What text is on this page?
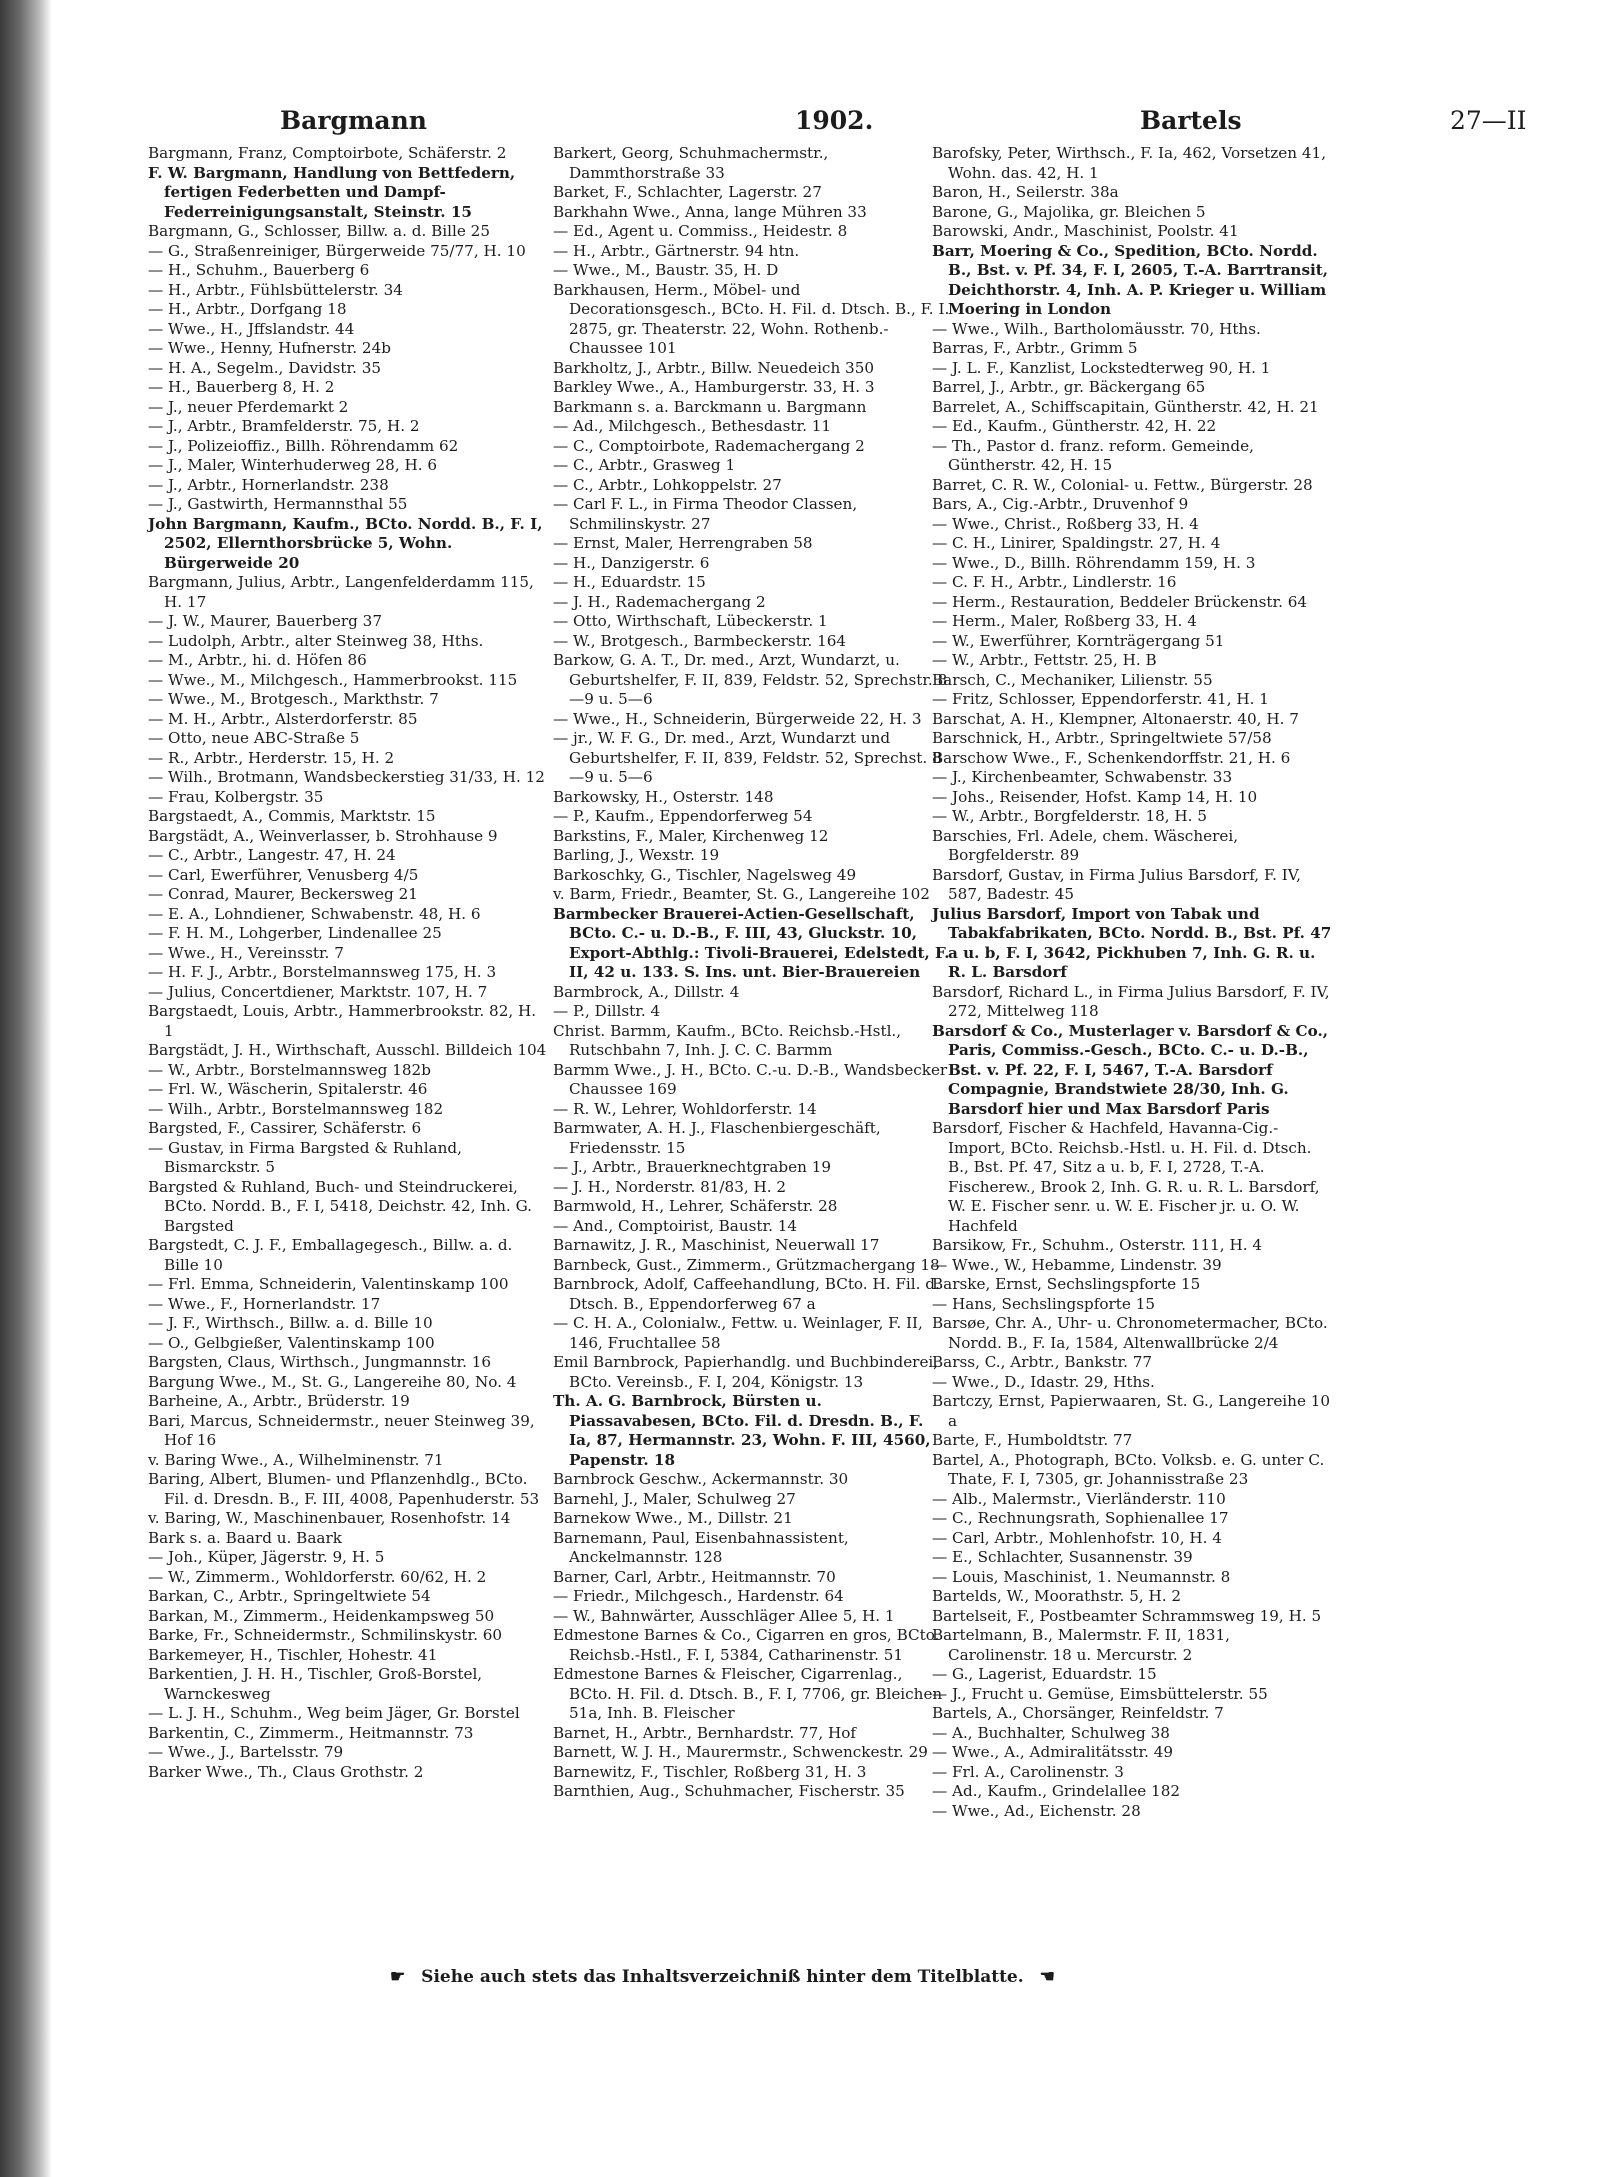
Bargmann	1902.	Bartels	27—II

Bargmann, Franz, Comptoirbote, Schäferstr. 2

F. W. Bargmann, Handlung von Bettfedern, fertigen Federbetten und Dampf-Federreinigungsanstalt, Steinstr. 15

Bargmann, G., Schlosser, Billw. a. d. Bille 25

— G., Straßenreiniger, Bürgerweide 75/77, H. 10

— H., Schuhm., Bauerberg 6

— H., Arbtr., Fühlsbüttelerstr. 34

— H., Arbtr., Dorfgang 18

— Wwe., H., Jffslandstr. 44

— Wwe., Henny, Hufnerstr. 24b

— H. A., Segelm., Davidstr. 35

— H., Bauerberg 8, H. 2

— J., neuer Pferdemarkt 2

— J., Arbtr., Bramfelderstr. 75, H. 2

— J., Polizeioffiz., Billh. Röhrendamm 62

— J., Maler, Winterhuderweg 28, H. 6

— J., Arbtr., Hornerlandstr. 238

— J., Gastwirth, Hermannsthal 55

John Bargmann, Kaufm., BCto. Nordd. B., F. I, 2502, Ellernthorsbrücke 5, Wohn. Bürgerweide 20

Bargmann, Julius, Arbtr., Langenfelderdamm 115, H. 17

— J. W., Maurer, Bauerberg 37

— Ludolph, Arbtr., alter Steinweg 38, Hths.

— M., Arbtr., hi. d. Höfen 86

— Wwe., M., Milchgesch., Hammerbrookst. 115

— Wwe., M., Brotgesch., Markthstr. 7

— M. H., Arbtr., Alsterdorferstr. 85

— Otto, neue ABC-Straße 5

— R., Arbtr., Herderstr. 15, H. 2

— Wilh., Brotmann, Wandsbeckerstieg 31/33, H. 12

— Frau, Kolbergstr. 35

Bargstaedt, A., Commis, Marktstr. 15

Bargstädt, A., Weinverlasser, b. Strohhause 9

— C., Arbtr., Langestr. 47, H. 24

— Carl, Ewerführer, Venusberg 4/5

— Conrad, Maurer, Beckersweg 21

— E. A., Lohndiener, Schwabenstr. 48, H. 6

— F. H. M., Lohgerber, Lindenallee 25

— Wwe., H., Vereinsstr. 7

— H. F. J., Arbtr., Borstelmannsweg 175, H. 3

— Julius, Concertdiener, Marktstr. 107, H. 7

Bargstaedt, Louis, Arbtr., Hammerbrookstr. 82, H. 1

Bargstädt, J. H., Wirthschaft, Ausschl. Billdeich 104

— W., Arbtr., Borstelmannsweg 182b

— Frl. W., Wäscherin, Spitalerstr. 46

— Wilh., Arbtr., Borstelmannsweg 182

Bargsted, F., Cassirer, Schäferstr. 6

— Gustav, in Firma Bargsted & Ruhland, Bismarckstr. 5

Bargsted & Ruhland, Buch- und Steindruckerei, BCto. Nordd. B., F. I, 5418, Deichstr. 42, Inh. G. Bargsted

Bargstedt, C. J. F., Emballagegesch., Billw. a. d. Bille 10

— Frl. Emma, Schneiderin, Valentinskamp 100

— Wwe., F., Hornerlandstr. 17

— J. F., Wirthsch., Billw. a. d. Bille 10

— O., Gelbgießer, Valentinskamp 100

Bargsten, Claus, Wirthsch., Jungmannstr. 16

Bargung Wwe., M., St. G., Langereihe 80, No. 4

Barheine, A., Arbtr., Brüderstr. 19

Bari, Marcus, Schneidermstr., neuer Steinweg 39, Hof 16

v. Baring Wwe., A., Wilhelminenstr. 71

Baring, Albert, Blumen- und Pflanzenhdlg., BCto. Fil. d. Dresdn. B., F. III, 4008, Papenhuderstr. 53

v. Baring, W., Maschinenbauer, Rosenhofstr. 14

Bark s. a. Baard u. Baark

— Joh., Küper, Jägerstr. 9, H. 5

— W., Zimmerm., Wohldorferstr. 60/62, H. 2

Barkan, C., Arbtr., Springeltwiete 54

Barkan, M., Zimmerm., Heidenkampsweg 50

Barke, Fr., Schneidermstr., Schmilinskystr. 60

Barkemeyer, H., Tischler, Hohestr. 41

Barkentien, J. H. H., Tischler, Groß-Borstel, Warnckesweg

— L. J. H., Schuhm., Weg beim Jäger, Gr. Borstel

Barkentin, C., Zimmerm., Heitmannstr. 73

— Wwe., J., Bartelsstr. 79

Barker Wwe., Th., Claus Grothstr. 2

Barkert, Georg, Schuhmachermstr., Dammthorstraße 33

Barket, F., Schlachter, Lagerstr. 27

Barkhahn Wwe., Anna, lange Mühren 33

— Ed., Agent u. Commiss., Heidestr. 8

— H., Arbtr., Gärtnerstr. 94 htn.

— Wwe., M., Baustr. 35, H. D

Barkhausen, Herm., Möbel- und Decorationsgesch., BCto. H. Fil. d. Dtsch. B., F. I. 2875, gr. Theaterstr. 22, Wohn. Rothenb.-Chaussee 101

Barkholtz, J., Arbtr., Billw. Neuedeich 350

Barkley Wwe., A., Hamburgerstr. 33, H. 3

Barkmann s. a. Barckmann u. Bargmann

— Ad., Milchgesch., Bethesdastr. 11

— C., Comptoirbote, Rademachergang 2

— C., Arbtr., Grasweg 1

— C., Arbtr., Lohkoppelstr. 27

— Carl F. L., in Firma Theodor Classen, Schmilinskystr. 27

— Ernst, Maler, Herrengraben 58

— H., Danzigerstr. 6

— H., Eduardstr. 15

— J. H., Rademachergang 2

— Otto, Wirthschaft, Lübeckerstr. 1

— W., Brotgesch., Barmbeckerstr. 164

Barkow, G. A. T., Dr. med., Arzt, Wundarzt, u. Geburtshelfer, F. II, 839, Feldstr. 52, Sprechstr. 8—9 u. 5—6

— Wwe., H., Schneiderin, Bürgerweide 22, H. 3

— jr., W. F. G., Dr. med., Arzt, Wundarzt und Geburtshelfer, F. II, 839, Feldstr. 52, Sprechst. 8—9 u. 5—6

Barkowsky, H., Osterstr. 148

— P., Kaufm., Eppendorferweg 54

Barkstins, F., Maler, Kirchenweg 12

Barling, J., Wexstr. 19

Barkoschky, G., Tischler, Nagelsweg 49

v. Barm, Friedr., Beamter, St. G., Langereihe 102

Barmbecker Brauerei-Actien-Gesellschaft, BCto. C.- u. D.-B., F. III, 43, Gluckstr. 10, Export-Abthlg.: Tivoli-Brauerei, Edelstedt, F. II, 42 u. 133. S. Ins. unt. Bier-Brauereien

Barmbrock, A., Dillstr. 4

— P., Dillstr. 4

Christ. Barmm, Kaufm., BCto. Reichsb.-Hstl., Rutschbahn 7, Inh. J. C. C. Barmm

Barmm Wwe., J. H., BCto. C.-u. D.-B., Wandsbecker Chaussee 169

— R. W., Lehrer, Wohldorferstr. 14

Barmwater, A. H. J., Flaschenbiergeschäft, Friedensstr. 15

— J., Arbtr., Brauerknechtgraben 19

— J. H., Norderstr. 81/83, H. 2

Barmwold, H., Lehrer, Schäferstr. 28

— And., Comptoirist, Baustr. 14

Barnawitz, J. R., Maschinist, Neuerwall 17

Barnbeck, Gust., Zimmerm., Grützmachergang 18

Barnbrock, Adolf, Caffeehandlung, BCto. H. Fil. d. Dtsch. B., Eppendorferweg 67 a

— C. H. A., Colonialw., Fettw. u. Weinlager, F. II, 146, Fruchtallee 58

Emil Barnbrock, Papierhandlg. und Buchbinderei, BCto. Vereinsb., F. I, 204, Königstr. 13

Th. A. G. Barnbrock, Bürsten u. Piassavabesen, BCto. Fil. d. Dresdn. B., F. Ia, 87, Hermannstr. 23, Wohn. F. III, 4560, Papenstr. 18

Barnbrock Geschw., Ackermannstr. 30

Barnehl, J., Maler, Schulweg 27

Barnekow Wwe., M., Dillstr. 21

Barnemann, Paul, Eisenbahnassistent, Anckelmannstr. 128

Barner, Carl, Arbtr., Heitmannstr. 70

— Friedr., Milchgesch., Hardenstr. 64

— W., Bahnwärter, Ausschläger Allee 5, H. 1

Edmestone Barnes & Co., Cigarren en gros, BCto. Reichsb.-Hstl., F. I, 5384, Catharinenstr. 51

Edmestone Barnes & Fleischer, Cigarrenlag., BCto. H. Fil. d. Dtsch. B., F. I, 7706, gr. Bleichen 51a, Inh. B. Fleischer

Barnet, H., Arbtr., Bernhardstr. 77, Hof

Barnett, W. J. H., Maurermstr., Schwenckestr. 29

Barnewitz, F., Tischler, Roßberg 31, H. 3

Barnthien, Aug., Schuhmacher, Fischerstr. 35

Barofsky, Peter, Wirthsch., F. Ia, 462, Vorsetzen 41, Wohn. das. 42, H. 1

Baron, H., Seilerstr. 38a

Barone, G., Majolika, gr. Bleichen 5

Barowski, Andr., Maschinist, Poolstr. 41

Barr, Moering & Co., Spedition, BCto. Nordd. B., Bst. v. Pf. 34, F. I, 2605, T.-A. Barrtransit, Deichthorstr. 4, Inh. A. P. Krieger u. William Moering in London

— Wwe., Wilh., Bartholomäusstr. 70, Hths.

Barras, F., Arbtr., Grimm 5

— J. L. F., Kanzlist, Lockstedterweg 90, H. 1

Barrel, J., Arbtr., gr. Bäckergang 65

Barrelet, A., Schiffscapitain, Güntherstr. 42, H. 21

— Ed., Kaufm., Güntherstr. 42, H. 22

— Th., Pastor d. franz. reform. Gemeinde, Güntherstr. 42, H. 15

Barret, C. R. W., Colonial- u. Fettw., Bürgerstr. 28

Bars, A., Cig.-Arbtr., Druvenhof 9

— Wwe., Christ., Roßberg 33, H. 4

— C. H., Linirer, Spaldingstr. 27, H. 4

— Wwe., D., Billh. Röhrendamm 159, H. 3

— C. F. H., Arbtr., Lindlerstr. 16

— Herm., Restauration, Beddeler Brückenstr. 64

— Herm., Maler, Roßberg 33, H. 4

— W., Ewerführer, Kornträgergang 51

— W., Arbtr., Fettstr. 25, H. B

Barsch, C., Mechaniker, Lilienstr. 55

— Fritz, Schlosser, Eppendorferstr. 41, H. 1

Barschat, A. H., Klempner, Altonaerstr. 40, H. 7

Barschnick, H., Arbtr., Springeltwiete 57/58

Barschow Wwe., F., Schenkendorffstr. 21, H. 6

— J., Kirchenbeamter, Schwabenstr. 33

— Johs., Reisender, Hofst. Kamp 14, H. 10

— W., Arbtr., Borgfelderstr. 18, H. 5

Barschies, Frl. Adele, chem. Wäscherei, Borgfelderstr. 89

Barsdorf, Gustav, in Firma Julius Barsdorf, F. IV, 587, Badestr. 45

Julius Barsdorf, Import von Tabak und Tabakfabrikaten, BCto. Nordd. B., Bst. Pf. 47 a u. b, F. I, 3642, Pickhuben 7, Inh. G. R. u. R. L. Barsdorf

Barsdorf, Richard L., in Firma Julius Barsdorf, F. IV, 272, Mittelweg 118

Barsdorf & Co., Musterlager v. Barsdorf & Co., Paris, Commiss.-Gesch., BCto. C.- u. D.-B., Bst. v. Pf. 22, F. I, 5467, T.-A. Barsdorf Compagnie, Brandstwiete 28/30, Inh. G. Barsdorf hier und Max Barsdorf Paris

Barsdorf, Fischer & Hachfeld, Havanna-Cig.-Import, BCto. Reichsb.-Hstl. u. H. Fil. d. Dtsch. B., Bst. Pf. 47, Sitz a u. b, F. I, 2728, T.-A. Fischerew., Brook 2, Inh. G. R. u. R. L. Barsdorf, W. E. Fischer senr. u. W. E. Fischer jr. u. O. W. Hachfeld

Barsikow, Fr., Schuhm., Osterstr. 111, H. 4

— Wwe., W., Hebamme, Lindenstr. 39

Barske, Ernst, Sechslingspforte 15

— Hans, Sechslingspforte 15

Barsøe, Chr. A., Uhr- u. Chronometermacher, BCto. Nordd. B., F. Ia, 1584, Altenwallbrücke 2/4

Barss, C., Arbtr., Bankstr. 77

— Wwe., D., Idastr. 29, Hths.

Bartczy, Ernst, Papierwaaren, St. G., Langereihe 10 a

Barte, F., Humboldtstr. 77

Bartel, A., Photograph, BCto. Volksb. e. G. unter C. Thate, F. I, 7305, gr. Johannisstraße 23

— Alb., Malermstr., Vierländerstr. 110

— C., Rechnungsrath, Sophienallee 17

— Carl, Arbtr., Mohlenhofstr. 10, H. 4

— E., Schlachter, Susannenstr. 39

— Louis, Maschinist, 1. Neumannstr. 8

Bartelds, W., Moorathstr. 5, H. 2

Bartelseit, F., Postbeamter Schrammsweg 19, H. 5

Bartelmann, B., Malermstr. F. II, 1831, Carolinenstr. 18 u. Mercurstr. 2

— G., Lagerist, Eduardstr. 15

— J., Frucht u. Gemüse, Eimsbüttelerstr. 55

Bartels, A., Chorsänger, Reinfeldstr. 7

— A., Buchhalter, Schulweg 38

— Wwe., A., Admiralitätsstr. 49

— Frl. A., Carolinenstr. 3

— Ad., Kaufm., Grindelallee 182

— Wwe., Ad., Eichenstr. 28

☛ Siehe auch stets das Inhaltsverzeichniß hinter dem Titelblatte. ☚
